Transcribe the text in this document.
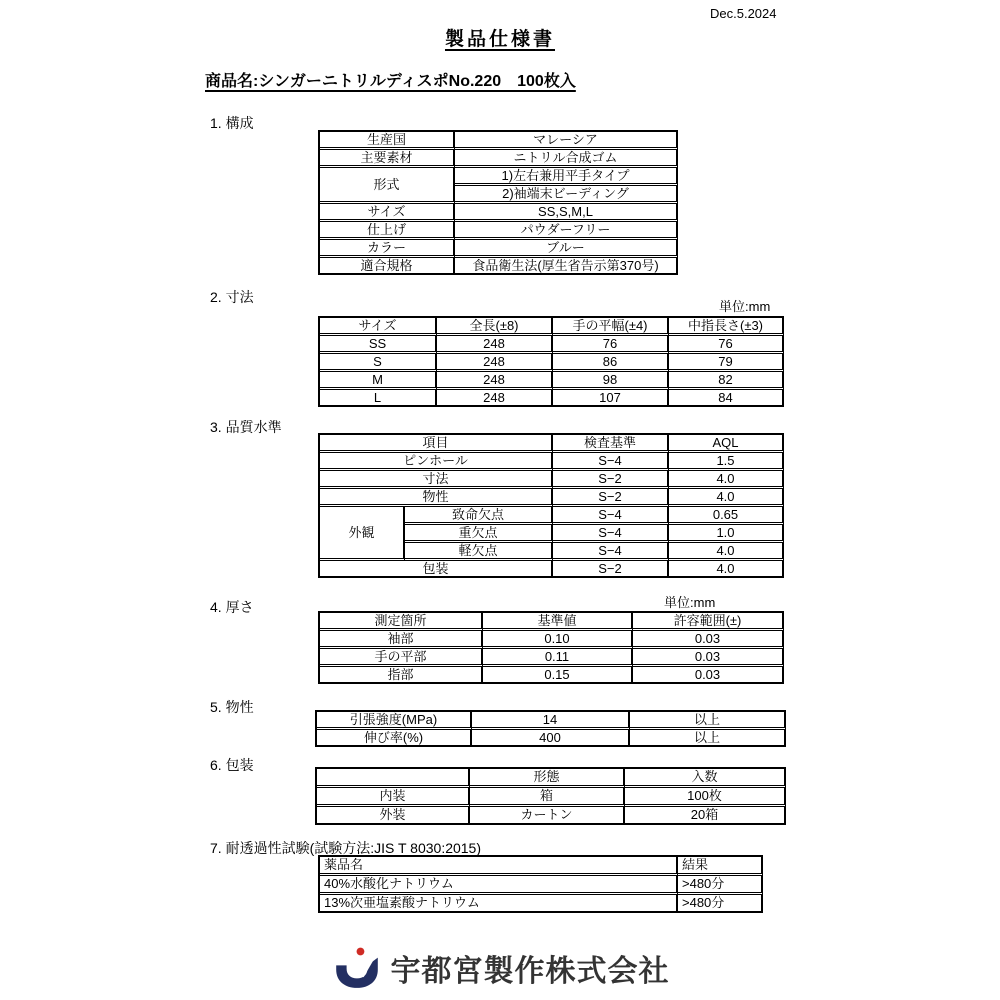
Dec.5.2024
製品仕様書
商品名:シンガーニトリルディスポNo.220　100枚入
1. 構成
生産国	マレーシア
主要素材	ニトリル合成ゴム
形式	1)左右兼用平手タイプ
	2)袖端末ビーディング
サイズ	SS,S,M,L
仕上げ	パウダーフリー
カラー	ブルー
適合規格	食品衛生法(厚生省告示第370号)
2. 寸法
単位:mm
サイズ	全長(±8)	手の平幅(±4)	中指長さ(±3)
SS	248	76	76
S	248	86	79
M	248	98	82
L	248	107	84
3. 品質水準
項目		検査基準	AQL
ピンホール		S−4	1.5
寸法		S−2	4.0
物性		S−2	4.0
外観	致命欠点	S−4	0.65
	重欠点	S−4	1.0
	軽欠点	S−4	4.0
包装		S−2	4.0
4. 厚さ	単位:mm
測定箇所	基準値	許容範囲(±)
袖部	0.10	0.03
手の平部	0.11	0.03
指部	0.15	0.03
5. 物性
引張強度(MPa)	14	以上
伸び率(%)	400	以上
6. 包装
	形態	入数
内装	箱	100枚
外装	カートン	20箱
7. 耐透過性試験(試験方法:JIS T 8030:2015)
薬品名	結果
40%水酸化ナトリウム	>480分
13%次亜塩素酸ナトリウム	>480分
宇都宮製作株式会社
